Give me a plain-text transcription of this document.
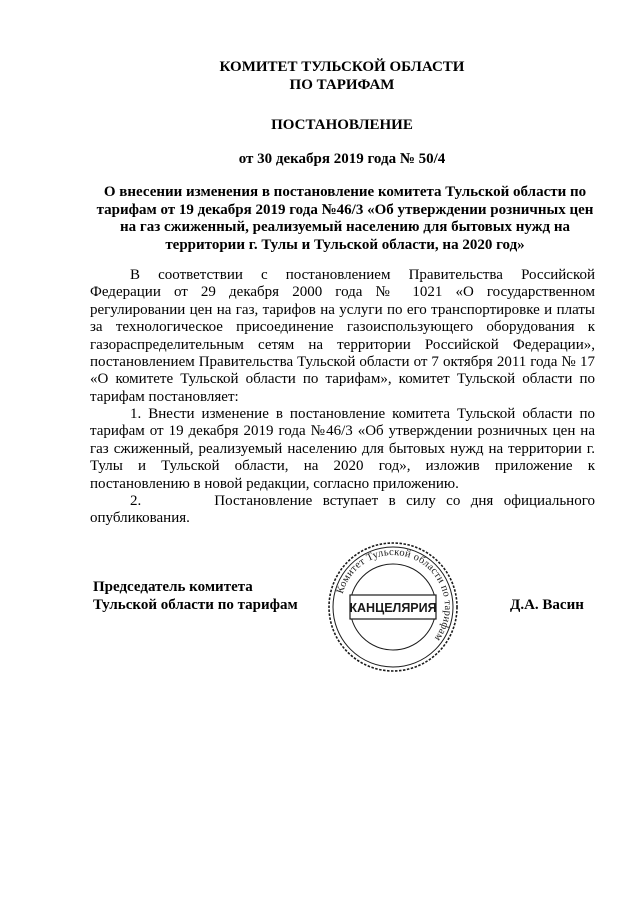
КОМИТЕТ ТУЛЬСКОЙ ОБЛАСТИ
ПО ТАРИФАМ
ПОСТАНОВЛЕНИЕ
от 30 декабря 2019 года № 50/4
О внесении изменения в постановление комитета Тульской области по тарифам от 19 декабря 2019 года №46/3 «Об утверждении розничных цен на газ сжиженный, реализуемый населению для бытовых нужд на территории г. Тулы и Тульской области, на 2020 год»
В соответствии с постановлением Правительства Российской Федерации от 29 декабря 2000 года № 1021 «О государственном регулировании цен на газ, тарифов на услуги по его транспортировке и платы за технологическое присоединение газоиспользующего оборудования к газораспределительным сетям на территории Российской Федерации», постановлением Правительства Тульской области от 7 октября 2011 года № 17 «О комитете Тульской области по тарифам», комитет Тульской области по тарифам постановляет:
1. Внести изменение в постановление комитета Тульской области по тарифам от 19 декабря 2019 года №46/3 «Об утверждении розничных цен на газ сжиженный, реализуемый населению для бытовых нужд на территории г. Тулы и Тульской области, на 2020 год», изложив приложение к постановлению в новой редакции, согласно приложению.
2.       Постановление вступает в силу со дня официального опубликования.
Председатель комитета
Тульской области по тарифам
Комитет Тульской области по тарифам
КАНЦЕЛЯРИЯ	Д.А. Васин
